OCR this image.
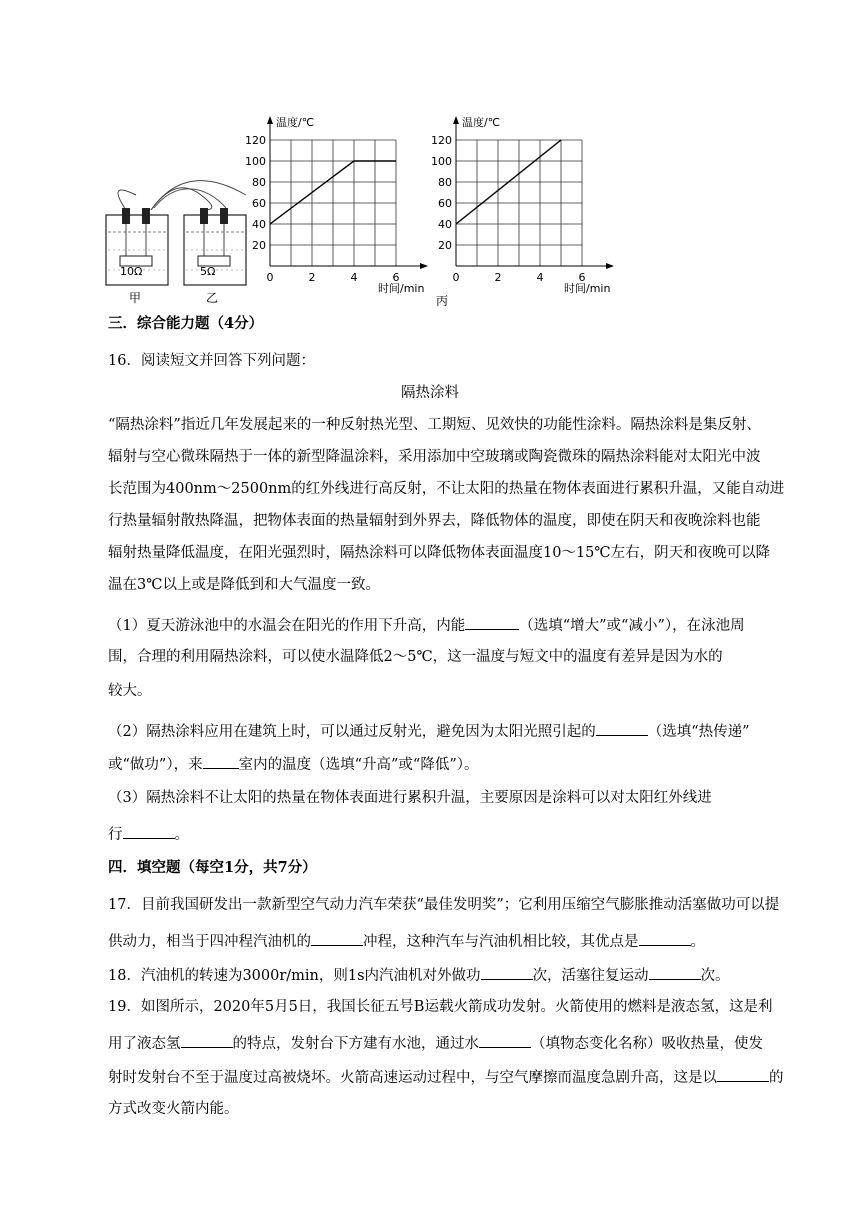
10Ω	5Ω
甲	乙
20
40
60
80
100
120
0	2	4	6
温度/℃
时间/min
20
40
60
80
100
120
0	2	4	6
温度/℃
时间/min
丙
三．综合能力题（4分）
16．阅读短文并回答下列问题：
隔热涂料
“隔热涂料”指近几年发展起来的一种反射热光型、工期短、见效快的功能性涂料。隔热涂料是集反射、
辐射与空心微珠隔热于一体的新型降温涂料，采用添加中空玻璃或陶瓷微珠的隔热涂料能对太阳光中波
长范围为400nm～2500nm的红外线进行高反射，不让太阳的热量在物体表面进行累积升温，又能自动进
行热量辐射散热降温，把物体表面的热量辐射到外界去，降低物体的温度，即使在阴天和夜晚涂料也能
辐射热量降低温度，在阳光强烈时，隔热涂料可以降低物体表面温度10～15℃左右，阴天和夜晚可以降
温在3℃以上或是降低到和大气温度一致。
（1）夏天游泳池中的水温会在阳光的作用下升高，内能	（选填“增大”或“减小”），在泳池周
围，合理的利用隔热涂料，可以使水温降低2～5℃，这一温度与短文中的温度有差异是因为水的
较大。
（2）隔热涂料应用在建筑上时，可以通过反射光，避免因为太阳光照引起的	（选填“热传递”
或“做功”），来 室内的温度（选填“升高”或“降低”）。
（3）隔热涂料不让太阳的热量在物体表面进行累积升温，主要原因是涂料可以对太阳红外线进
行	。
四．填空题（每空1分，共7分）
17．目前我国研发出一款新型空气动力汽车荣获“最佳发明奖”；它利用压缩空气膨胀推动活塞做功可以提
供动力，相当于四冲程汽油机的	冲程，这种汽车与汽油机相比较，其优点是	。
18．汽油机的转速为3000r/min，则1s内汽油机对外做功	次，活塞往复运动	次。
19．如图所示，2020年5月5日，我国长征五号B运载火箭成功发射。火箭使用的燃料是液态氢，这是利
用了液态氢	的特点，发射台下方建有水池，通过水	（填物态变化名称）吸收热量，使发
射时发射台不至于温度过高被烧坏。火箭高速运动过程中，与空气摩擦而温度急剧升高，这是以	的
方式改变火箭内能。
